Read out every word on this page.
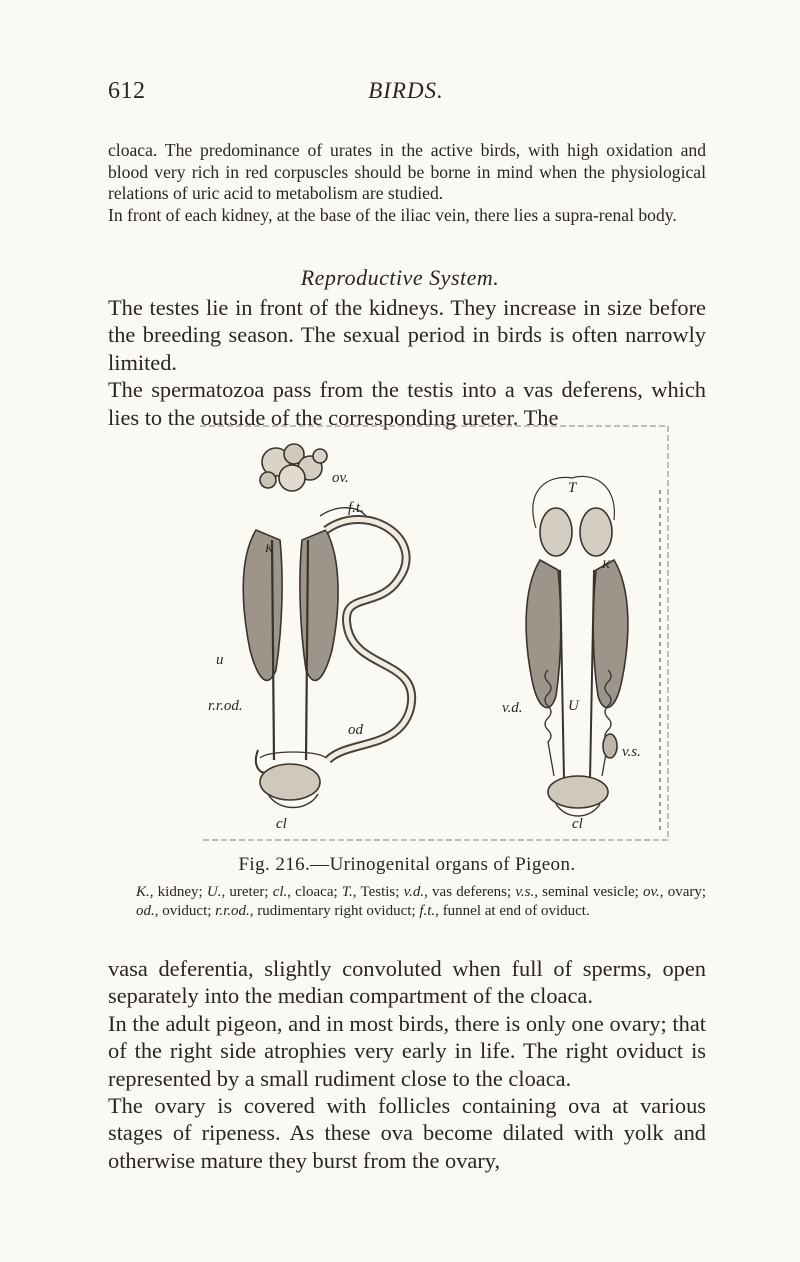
612	BIRDS.

cloaca. The predominance of urates in the active birds, with high oxidation and blood very rich in red corpuscles should be borne in mind when the physiological relations of uric acid to metabolism are studied.

In front of each kidney, at the base of the iliac vein, there lies a supra-renal body.

Reproductive System.

The testes lie in front of the kidneys. They increase in size before the breeding season. The sexual period in birds is often narrowly limited.

The spermatozoa pass from the testis into a vas deferens, which lies to the outside of the corresponding ureter. The

ov.
f.t.
K
u
r.r.od.
od
cl
T
K
v.d.	U
v.s.
cl
Fig. 216.—Urinogenital organs of Pigeon.

K., kidney; U., ureter; cl., cloaca; T., Testis; v.d., vas deferens; v.s., seminal vesicle; ov., ovary; od., oviduct; r.r.od., rudimentary right oviduct; f.t., funnel at end of oviduct.

vasa deferentia, slightly convoluted when full of sperms, open separately into the median compartment of the cloaca.

In the adult pigeon, and in most birds, there is only one ovary; that of the right side atrophies very early in life. The right oviduct is represented by a small rudiment close to the cloaca.

The ovary is covered with follicles containing ova at various stages of ripeness. As these ova become dilated with yolk and otherwise mature they burst from the ovary,
